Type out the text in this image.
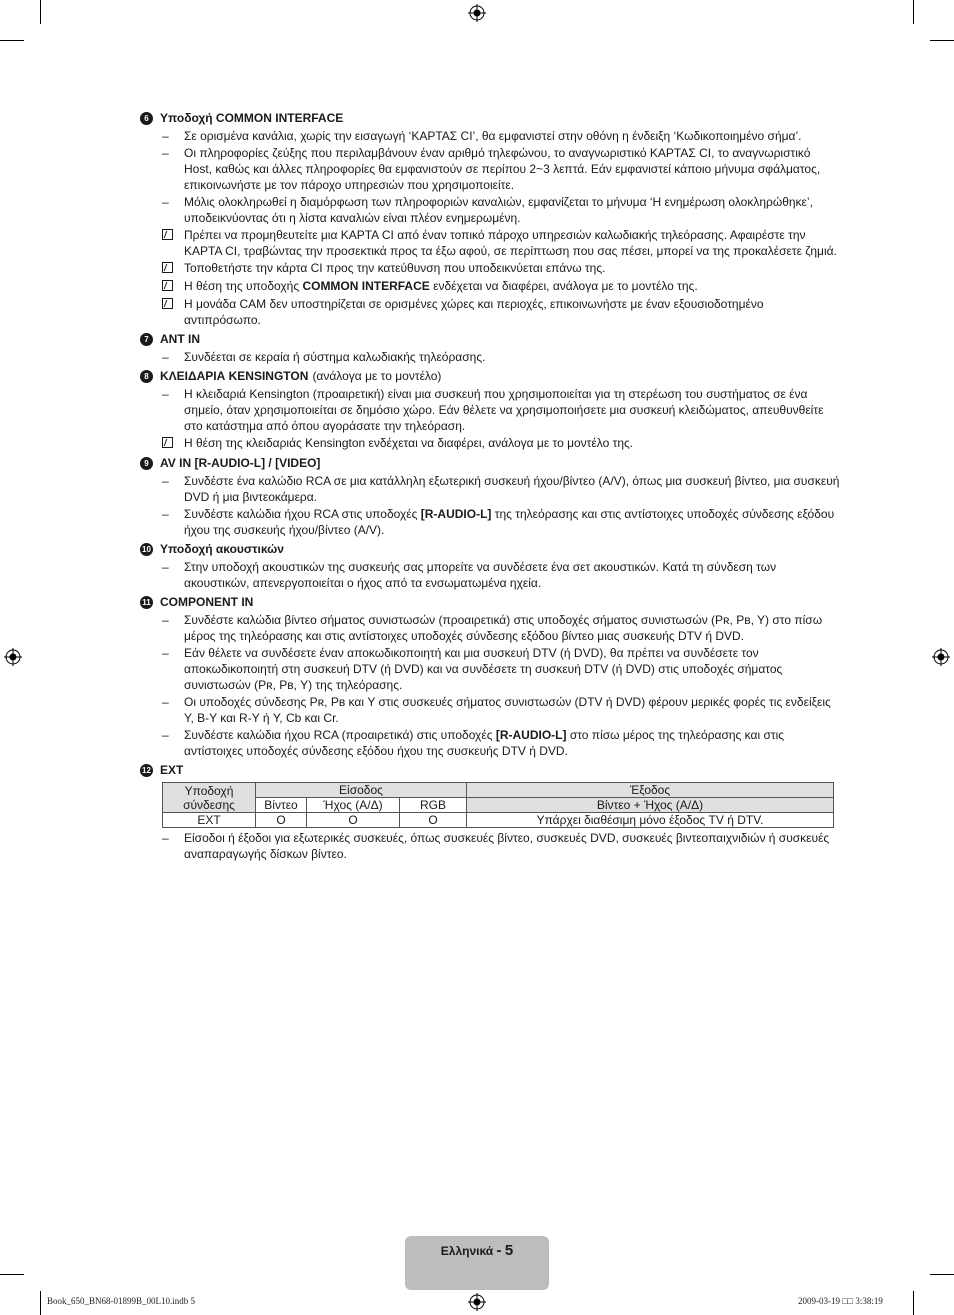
6 Υποδοχή COMMON INTERFACE
–	Σε ορισμένα κανάλια, χωρίς την εισαγωγή ‘ΚΑΡΤΑΣ CI’, θα εμφανιστεί στην οθόνη η ένδειξη ‘Κωδικοποιημένο σήμα’.
–	Οι πληροφορίες ζεύξης που περιλαμβάνουν έναν αριθμό τηλεφώνου, το αναγνωριστικό ΚΑΡΤΑΣ CI, το αναγνωριστικό Host, καθώς και άλλες πληροφορίες θα εμφανιστούν σε περίπου 2~3 λεπτά. Εάν εμφανιστεί κάποιο μήνυμα σφάλματος, επικοινωνήστε με τον πάροχο υπηρεσιών που χρησιμοποιείτε.
–	Μόλις ολοκληρωθεί η διαμόρφωση των πληροφοριών καναλιών, εμφανίζεται το μήνυμα ‘Η ενημέρωση ολοκληρώθηκε’, υποδεικνύοντας ότι η λίστα καναλιών είναι πλέον ενημερωμένη.
Πρέπει να προμηθευτείτε μια ΚΑΡΤΑ CI από έναν τοπικό πάροχο υπηρεσιών καλωδιακής τηλεόρασης. Αφαιρέστε την ΚΑΡΤΑ CI, τραβώντας την προσεκτικά προς τα έξω αφού, σε περίπτωση που σας πέσει, μπορεί να της προκαλέσετε ζημιά.
Τοποθετήστε την κάρτα CI προς την κατεύθυνση που υποδεικνύεται επάνω της.
Η θέση της υποδοχής COMMON INTERFACE ενδέχεται να διαφέρει, ανάλογα με το μοντέλο της.
Η μονάδα CAM δεν υποστηρίζεται σε ορισμένες χώρες και περιοχές, επικοινωνήστε με έναν εξουσιοδοτημένο αντιπρόσωπο.
7 ANT IN
–	Συνδέεται σε κεραία ή σύστημα καλωδιακής τηλεόρασης.
8 ΚΛΕΙΔΑΡΙΑ KENSINGTON (ανάλογα με το μοντέλο)
–	Η κλειδαριά Kensington (προαιρετική) είναι μια συσκευή που χρησιμοποιείται για τη στερέωση του συστήματος σε ένα σημείο, όταν χρησιμοποιείται σε δημόσιο χώρο. Εάν θέλετε να χρησιμοποιήσετε μια συσκευή κλειδώματος, απευθυνθείτε στο κατάστημα από όπου αγοράσατε την τηλεόραση.
Η θέση της κλειδαριάς Kensington ενδέχεται να διαφέρει, ανάλογα με το μοντέλο της.
9 AV IN [R-AUDIO-L] / [VIDEO]
–	Συνδέστε ένα καλώδιο RCA σε μια κατάλληλη εξωτερική συσκευή ήχου/βίντεο (A/V), όπως μια συσκευή βίντεο, μια συσκευή DVD ή μια βιντεοκάμερα.
–	Συνδέστε καλώδια ήχου RCA στις υποδοχές [R-AUDIO-L] της τηλεόρασης και στις αντίστοιχες υποδοχές σύνδεσης εξόδου ήχου της συσκευής ήχου/βίντεο (A/V).
10 Υποδοχή ακουστικών
–	Στην υποδοχή ακουστικών της συσκευής σας μπορείτε να συνδέσετε ένα σετ ακουστικών. Κατά τη σύνδεση των ακουστικών, απενεργοποιείται ο ήχος από τα ενσωματωμένα ηχεία.
11 COMPONENT IN
–	Συνδέστε καλώδια βίντεο σήματος συνιστωσών (προαιρετικά) στις υποδοχές σήματος συνιστωσών (Pʀ, Pʙ, Y) στο πίσω μέρος της τηλεόρασης και στις αντίστοιχες υποδοχές σύνδεσης εξόδου βίντεο μιας συσκευής DTV ή DVD.
–	Εάν θέλετε να συνδέσετε έναν αποκωδικοποιητή και μια συσκευή DTV (ή DVD), θα πρέπει να συνδέσετε τον αποκωδικοποιητή στη συσκευή DTV (ή DVD) και να συνδέσετε τη συσκευή DTV (ή DVD) στις υποδοχές σήματος συνιστωσών (Pʀ, Pʙ, Y) της τηλεόρασης.
–	Οι υποδοχές σύνδεσης Pʀ, Pʙ και Y στις συσκευές σήματος συνιστωσών (DTV ή DVD) φέρουν μερικές φορές τις ενδείξεις Y, B-Y και R-Y ή Y, Cb και Cr.
–	Συνδέστε καλώδια ήχου RCA (προαιρετικά) στις υποδοχές [R-AUDIO-L] στο πίσω μέρος της τηλεόρασης και στις αντίστοιχες υποδοχές σύνδεσης εξόδου ήχου της συσκευής DTV ή DVD.
12 EXT
Υποδοχή
σύνδεσης	Είσοδος			Έξοδος
	Βίντεο	Ήχος (Α/Δ)	RGB	Βίντεο + Ήχος (Α/Δ)
EXT	O	O	O	Υπάρχει διαθέσιμη μόνο έξοδος TV ή DTV.
–	Είσοδοι ή έξοδοι για εξωτερικές συσκευές, όπως συσκευές βίντεο, συσκευές DVD, συσκευές βιντεοπαιχνιδιών ή συσκευές αναπαραγωγής δίσκων βίντεο.
Ελληνικά - 5
Book_650_BN68-01899B_00L10.indb 5	2009-03-19 □□ 3:38:19
